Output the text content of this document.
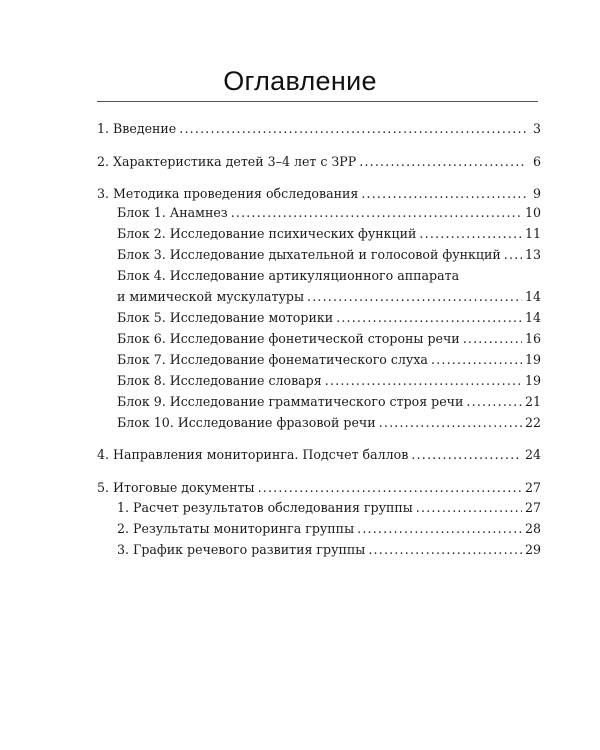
Оглавление
1. Введение .....	3
2. Характеристика детей 3–4 лет с ЗРР .....	6
3. Методика проведения обследования .....	9
Блок 1. Анамнез .....	10
Блок 2. Исследование психических функций .....	11
Блок 3. Исследование дыхательной и голосовой функций ..... 13
Блок 4. Исследование артикуляционного аппарата
и мимической мускулатуры .....	14
Блок 5. Исследование моторики .....	14
Блок 6. Исследование фонетической стороны речи .....	16
Блок 7. Исследование фонематического слуха .....	19
Блок 8. Исследование словаря .....	19
Блок 9. Исследование грамматического строя речи .....	21
Блок 10. Исследование фразовой речи .....	22
4. Направления мониторинга. Подсчет баллов .....	24
5. Итоговые документы .....	27
1. Расчет результатов обследования группы .....	27
2. Результаты мониторинга группы .....	28
3. График речевого развития группы .....	29
